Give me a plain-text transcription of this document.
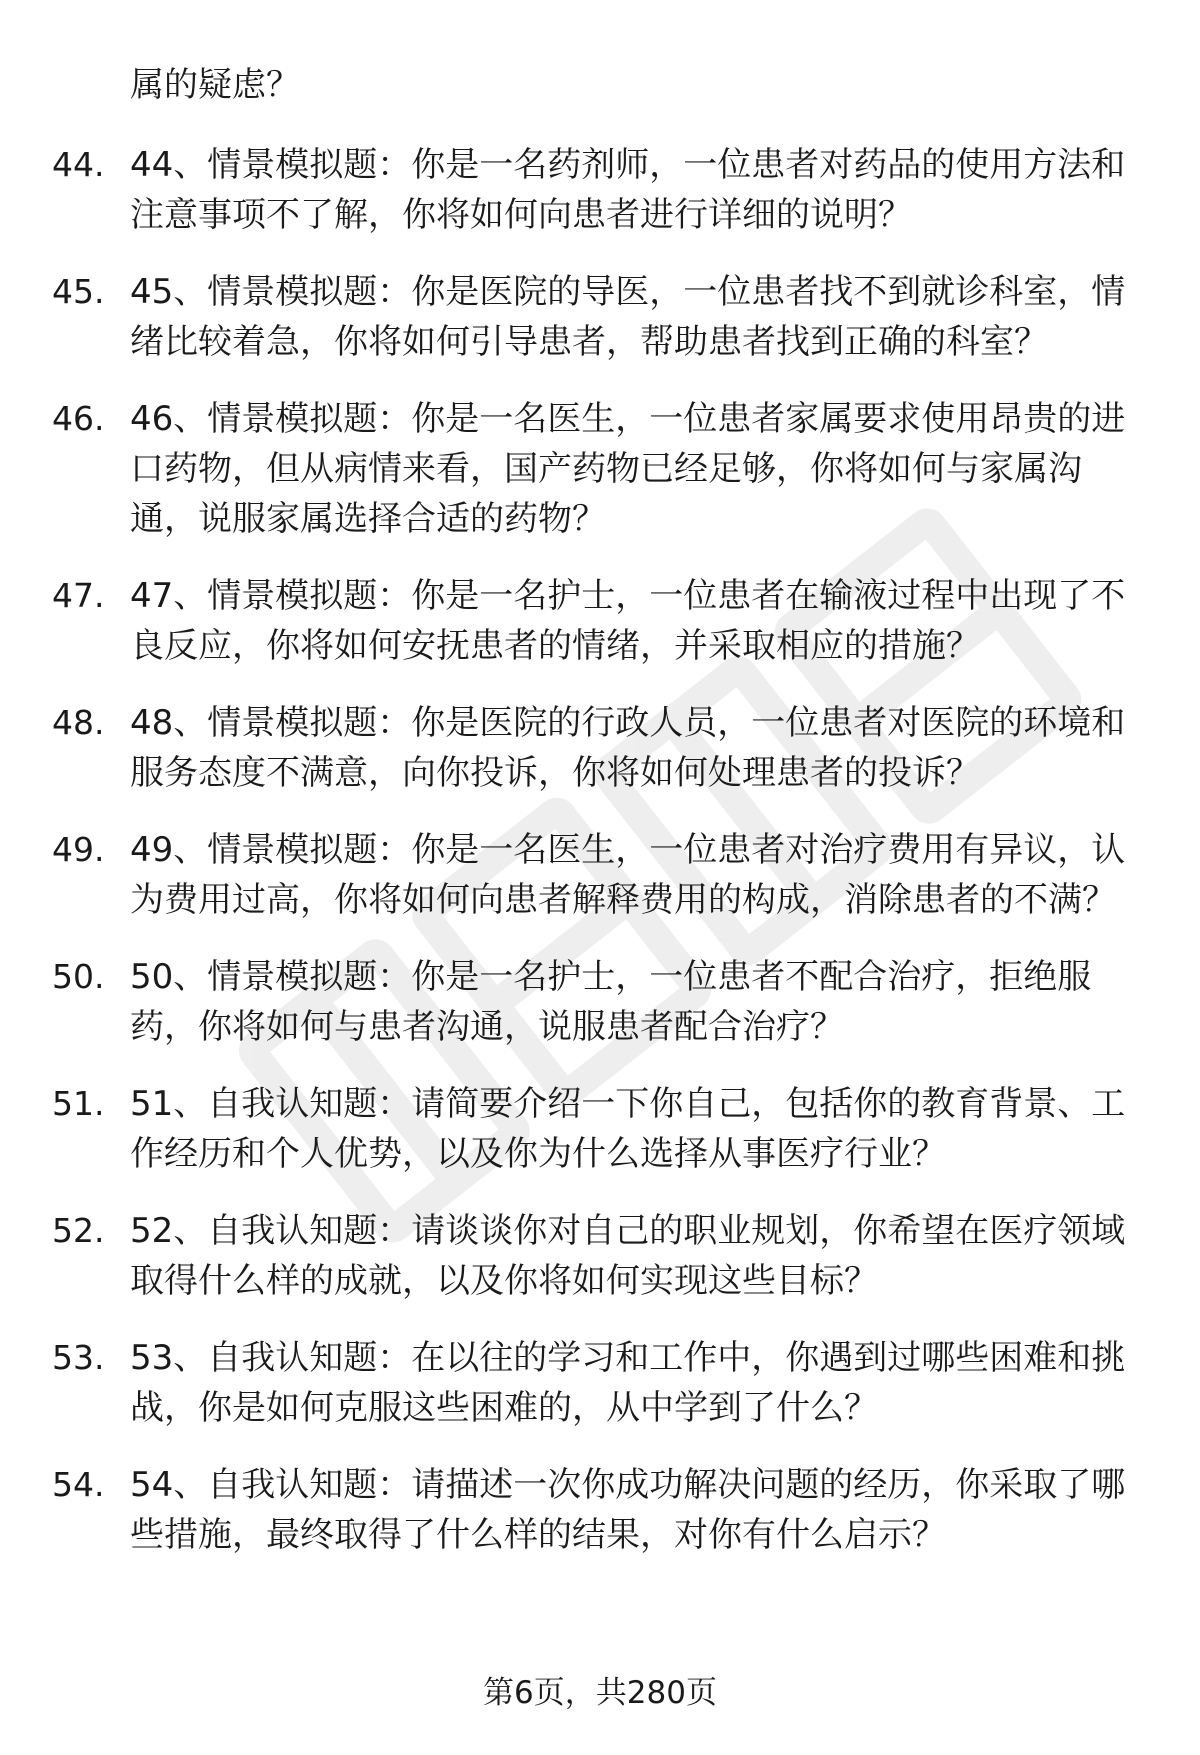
属的疑虑？
44. 44、情景模拟题：你是一名药剂师，一位患者对药品的使用方法和注意事项不了解，你将如何向患者进行详细的说明？
45. 45、情景模拟题：你是医院的导医，一位患者找不到就诊科室，情绪比较着急，你将如何引导患者，帮助患者找到正确的科室？
46. 46、情景模拟题：你是一名医生，一位患者家属要求使用昂贵的进口药物，但从病情来看，国产药物已经足够，你将如何与家属沟通，说服家属选择合适的药物？
47. 47、情景模拟题：你是一名护士，一位患者在输液过程中出现了不良反应，你将如何安抚患者的情绪，并采取相应的措施？
48. 48、情景模拟题：你是医院的行政人员，一位患者对医院的环境和服务态度不满意，向你投诉，你将如何处理患者的投诉？
49. 49、情景模拟题：你是一名医生，一位患者对治疗费用有异议，认为费用过高，你将如何向患者解释费用的构成，消除患者的不满？
50. 50、情景模拟题：你是一名护士，一位患者不配合治疗，拒绝服药，你将如何与患者沟通，说服患者配合治疗？
51. 51、自我认知题：请简要介绍一下你自己，包括你的教育背景、工作经历和个人优势，以及你为什么选择从事医疗行业？
52. 52、自我认知题：请谈谈你对自己的职业规划，你希望在医疗领域取得什么样的成就，以及你将如何实现这些目标？
53. 53、自我认知题：在以往的学习和工作中，你遇到过哪些困难和挑战，你是如何克服这些困难的，从中学到了什么？
54. 54、自我认知题：请描述一次你成功解决问题的经历，你采取了哪些措施，最终取得了什么样的结果，对你有什么启示？
第6页，共280页
